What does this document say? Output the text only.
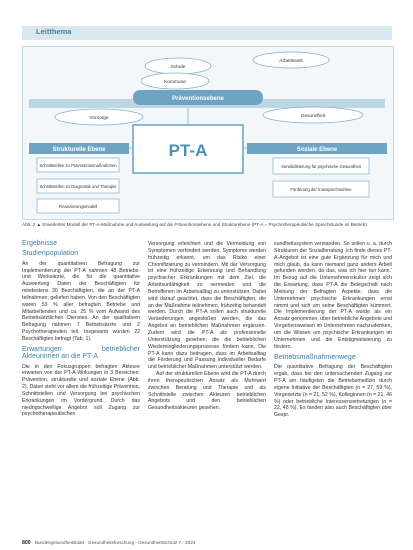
Leitthema
Schule
Arbeitswelt
Kommune
Präventionsebene
Vorsorge	Gesundheit
PT-A
Strukturelle Ebene	Soziale Ebene
Schnittstellen zu Präventionsmaßnahmen
Schnittstellen zu Diagnostik und Therapie
Finanzierungsmodell
Sensibilisierung für psychische Gesundheit
Förderung der Inanspruchnahme
Abb. 2 ▲ Erweitertes Modell der PT-A-Maßnahme und Ausweitung auf die Präventionsebene und Strukturebene (PT-A = Psychotherapeutische Sprechstunde im Betrieb).
Ergebnisse
Studienpopulation

An der quantitativen Befragung zur Implementierung der PT-A nahmen 48 Betriebs- und Werksärzte, die für die quantitative Auswertung Daten der Beschäftigten für mindestens 30 Beschäftigten, die an der PT-A teilnahmen, geliefert haben. Von den Beschäftigten waren 53 % aller befragten Betriebe und Mitarbeitenden und ca. 25 % vom Aufwand des Betriebsärztlichen Dienstes. An der qualitativen Befragung nahmen 7 Betriebsärzte und 2 Psychotherapeuten teil. Insgesamt wurden 22 Beschäftigten befragt (Tab. 1).

Erwartungen betrieblicher Akteurinnen an die PT-A

Die in den Fokusgruppen befragten Akteure erwarten von der PT-A Wirkungen in 3 Bereichen: Prävention, strukturelle und soziale Ebene (Abb. 2). Dabei steht vor allem die frühzeitige Prävention, Schnittstellen und Versorgung bei psychischen Erkrankungen im Vordergrund. Durch das niedrigschwellige Angebot soll Zugang zur psychotherapeutischen

Versorgung erleichtert und die Vermeidung von Symptomen verhindert werden. Symptome werden frühzeitig erkannt, um das Risiko einer Chronifizierung zu vermindern. Mit der Versorgung ist eine frühzeitige Erkennung und Behandlung psychischer Erkrankungen mit dem Ziel, die Arbeitsunfähigkeit zu vermeiden und die Betroffenen im Arbeitsalltag zu unterstützen. Dabei wird darauf geachtet, dass die Beschäftigten, die an der Maßnahme teilnehmen, frühzeitig behandelt werden. Durch die PT-A sollen auch strukturelle Veränderungen angestoßen werden, die das Angebot an betrieblichen Maßnahmen ergänzen. Zudem wird die PT-A als professionelle Unterstützung gesehen, die die betrieblichen Wiedereingliederungsprozesse fördern kann. Die PT-A kann dazu beitragen, dass im Arbeitsalltag die Förderung und Passung individueller Bedarfe und betrieblicher Maßnahmen unterstützt werden.

Auf der strukturellen Ebene wird die PT-A durch ihren therapeutischen Ansatz als Mehrwert zwischen Beratung und Therapie und als Schnittstelle zwischen Akteuren betrieblichen Angebots und den betrieblichen Gesundheitsakteuren gesehen.

sundheitssystem verstanden. So sollen u. a. durch Strukturen der Sozialberatung ‚ich finde dieses PT-A-Angebot ist eine gute Ergänzung für mich und mich glaub, da kann niemand ganz anders Arbeit gefunden werden, da das, was ich hier tun kann.' Im Bezug auf die Unternehmenskultur zeigt sich die Erwartung, dass PT-A die Belegschaft nach Meinung der Befragten Aspekte, dass die Unternehmen psychische Erkrankungen ernst nimmt und sich um seine Beschäftigten kümmert. Die Implementierung der PT-A wurde als ein Ansatz genommen, über betriebliche Angebote und Vorgehensweisen im Unternehmen nachzudenken, um die Wissen um psychische Erkrankungen im Unternehmen und die Entstigmatisierung zu fördern.

Betriebsmaßnahmenwege

Die quantitative Befragung der Beschäftigten ergab, dass bei den untersuchenden Zugang zur PT-A am häufigsten die Betriebsmedizin durch eigene Initiative der Beschäftigten (n = 27, 59 %), Vorgesetzte (n = 21, 52 %), Kolleginnen (n = 21, 46 %) oder betriebliche Interessenvertretungen (n = 22, 48 %). Es fanden also auch Beschäftigten über Gespr.

800 Bundesgesundheitsblatt - Gesundheitsforschung - Gesundheitsschutz 7 · 2024
